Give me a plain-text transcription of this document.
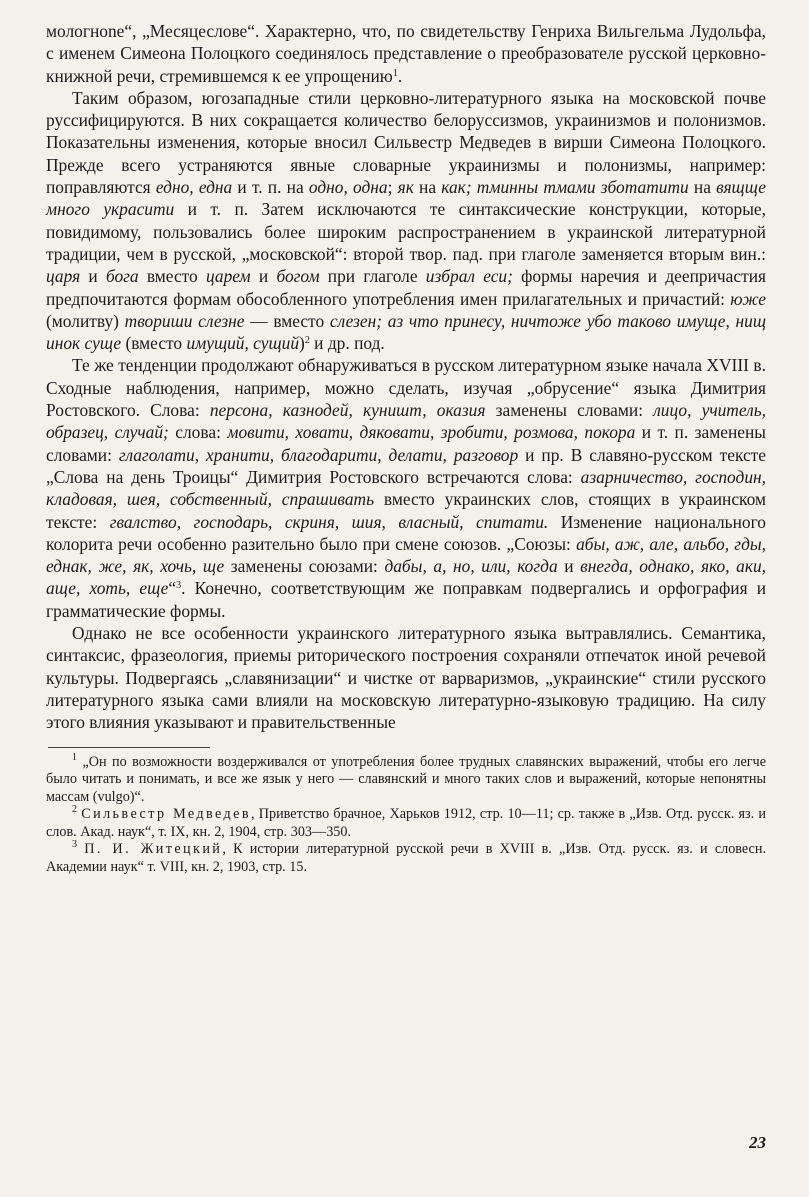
мологнone“, „Месяцеслове“. Характерно, что, по свидетельству Генриха Вильгельма Лудольфа, с именем Симеона Полоцкого соединялось представление о преобразователе русской церковно-книжной речи, стремившемся к ее упрощению$^1$.

Таким образом, югозападные стили церковно-литературного языка на московской почве руссифицируются. В них сокращается количество белоруссизмов, украинизмов и полонизмов. Показательны изменения, которые вносил Сильвестр Медведев в вирши Симеона Полоцкого. Прежде всего устраняются явные словарные украинизмы и полонизмы, например: поправляются едно, една и т. п. на одно, одна; як на как; тминны тмами зботатити на вящще много украсити и т. п. Затем исключаются те синтаксические конструкции, которые, повидимому, пользовались более широким распространением в украинской литературной традиции, чем в русской, „московской“: второй твор. пад. при глаголе заменяется вторым вин.: царя и бога вместо царем и богом при глаголе избрал еси; формы наречия и деепричастия предпочитаются формам обособленного употребления имен прилагательных и причастий: юже (молитву) твориши слезне — вместо слезен; аз что принесу, ничтоже убо таково имуще, нищ инок суще (вместо имущий, сущий)$^2$ и др. под.

Те же тенденции продолжают обнаруживаться в русском литературном языке начала XVIII в. Сходные наблюдения, например, можно сделать, изучая „обрусение“ языка Димитрия Ростовского. Слова: персона, казнодей, куништ, оказия заменены словами: лицо, учитель, образец, случай; слова: мовити, ховати, дяковати, зробити, розмова, покора и т. п. заменены словами: глаголати, хранити, благодарити, делати, разговор и пр. В славяно-русском тексте „Слова на день Троицы“ Димитрия Ростовского встречаются слова: азарничество, господин, кладовая, шея, собственный, спрашивать вместо украинских слов, стоящих в украинском тексте: гвалство, господарь, скриня, шия, власный, спитати. Изменение национального колорита речи особенно разительно было при смене союзов. „Союзы: абы, аж, але, альбо, гды, еднак, же, як, хочь, ще заменены союзами: дабы, а, но, или, когда и внегда, однако, яко, аки, аще, хоть, еще“$^3$. Конечно, соответствующим же поправкам подвергались и орфография и грамматические формы.

Однако не все особенности украинского литературного языка вытравлялись. Семантика, синтаксис, фразеология, приемы риторического построения сохраняли отпечаток иной речевой культуры. Подвергаясь „славянизации“ и чистке от варваризмов, „украинские“ стили русского литературного языка сами влияли на московскую литературно-языковую традицию. На силу этого влияния указывают и правительственные

$^1$ „Он по возможности воздерживался от употребления более трудных славянских выражений, чтобы его легче было читать и понимать, и все же язык у него — славянский и много таких слов и выражений, которые непонятны массам (vulgo)“.

$^2$ Сильвестр Медведев, Приветство брачное, Харьков 1912, стр. 10—11; ср. также в „Изв. Отд. русск. яз. и слов. Акад. наук“, т. IX, кн. 2, 1904, стр. 303—350.

$^3$ П. И. Житецкий, К истории литературной русской речи в XVIII в. „Изв. Отд. русск. яз. и словесн. Академии наук“ т. VIII, кн. 2, 1903, стр. 15.

23
